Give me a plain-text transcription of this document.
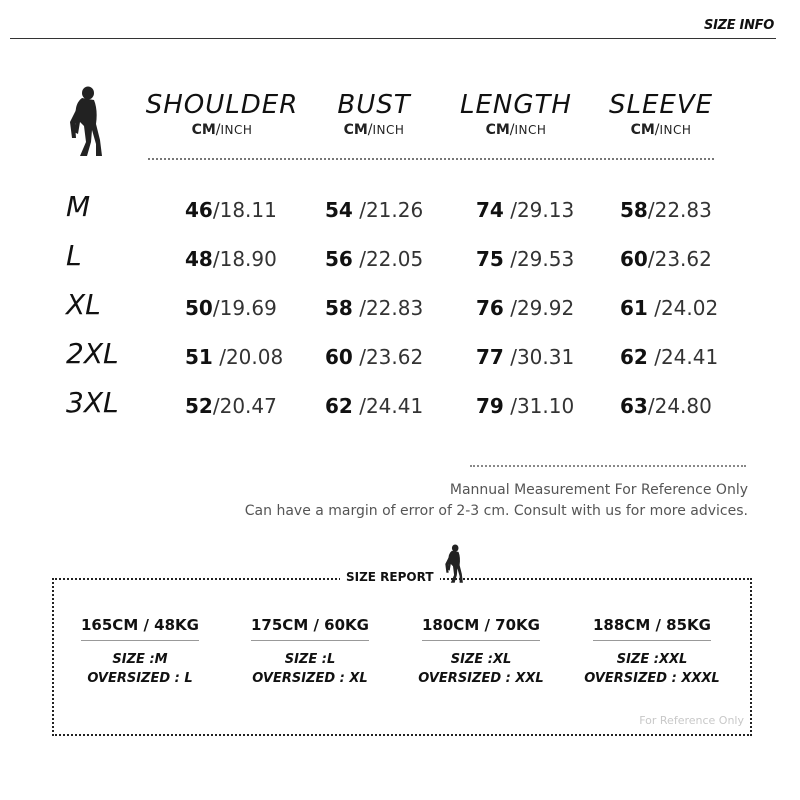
SIZE INFO
SHOULDER
CM/INCH
BUST
CM/INCH
LENGTH
CM/INCH
SLEEVE
CM/INCH
M	46/18.11 54 /21.26	74 /29.13 58/22.83
L	48/18.90 56 /22.05	75 /29.53 60/23.62
XL	50/19.69 58 /22.83	76 /29.92 61 /24.02
2XL	51 /20.08 60 /23.62	77 /30.31 62 /24.41
3XL	52/20.47 62 /24.41	79 /31.10 63/24.80
Mannual Measurement For Reference Only
Can have a margin of error of 2-3 cm. Consult with us for more advices.
SIZE REPORT
165CM / 48KG
SIZE :M
OVERSIZED : L
175CM / 60KG
SIZE :L
OVERSIZED : XL
180CM / 70KG
SIZE :XL
OVERSIZED : XXL
188CM / 85KG
SIZE :XXL
OVERSIZED : XXXL
For Reference Only
